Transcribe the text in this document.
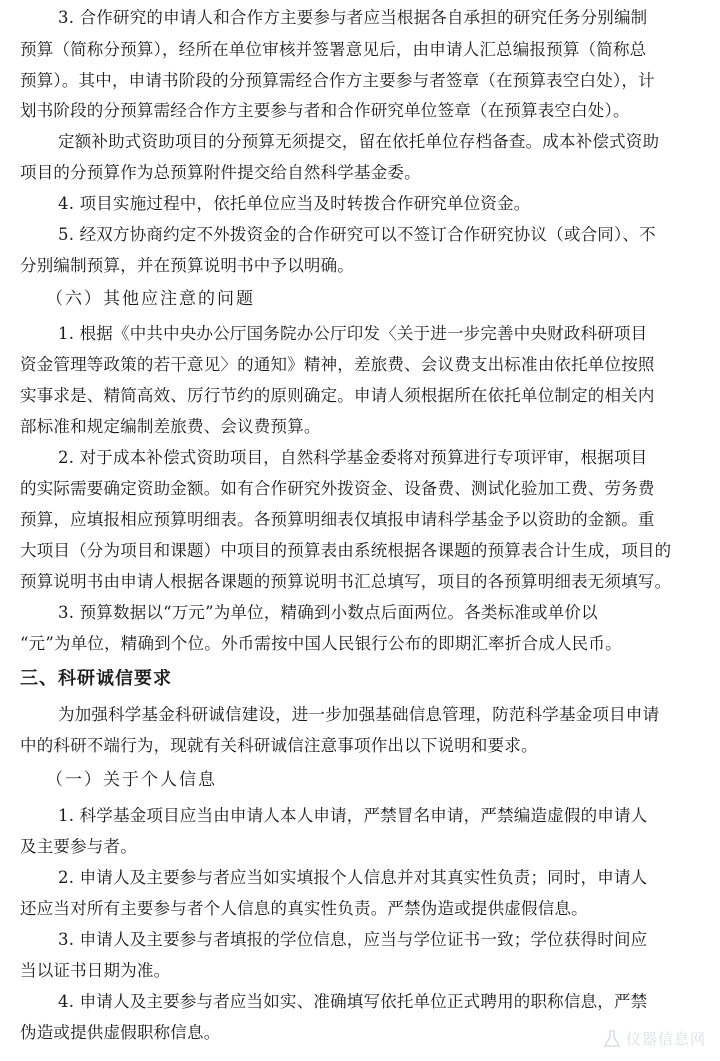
3. 合作研究的申请人和合作方主要参与者应当根据各自承担的研究任务分别编制
预算（简称分预算），经所在单位审核并签署意见后，由申请人汇总编报预算（简称总
预算）。其中，申请书阶段的分预算需经合作方主要参与者签章（在预算表空白处），计
划书阶段的分预算需经合作方主要参与者和合作研究单位签章（在预算表空白处）。
定额补助式资助项目的分预算无须提交，留在依托单位存档备查。成本补偿式资助
项目的分预算作为总预算附件提交给自然科学基金委。
4. 项目实施过程中，依托单位应当及时转拨合作研究单位资金。
5. 经双方协商约定不外拨资金的合作研究可以不签订合作研究协议（或合同）、不
分别编制预算，并在预算说明书中予以明确。
（六）其他应注意的问题
1. 根据《中共中央办公厅国务院办公厅印发〈关于进一步完善中央财政科研项目
资金管理等政策的若干意见〉的通知》精神，差旅费、会议费支出标准由依托单位按照
实事求是、精简高效、厉行节约的原则确定。申请人须根据所在依托单位制定的相关内
部标准和规定编制差旅费、会议费预算。
2. 对于成本补偿式资助项目，自然科学基金委将对预算进行专项评审，根据项目
的实际需要确定资助金额。如有合作研究外拨资金、设备费、测试化验加工费、劳务费
预算，应填报相应预算明细表。各预算明细表仅填报申请科学基金予以资助的金额。重
大项目（分为项目和课题）中项目的预算表由系统根据各课题的预算表合计生成，项目的
预算说明书由申请人根据各课题的预算说明书汇总填写，项目的各预算明细表无须填写。
3. 预算数据以“万元”为单位，精确到小数点后面两位。各类标准或单价以
“元”为单位，精确到个位。外币需按中国人民银行公布的即期汇率折合成人民币。
三、科研诚信要求
为加强科学基金科研诚信建设，进一步加强基础信息管理，防范科学基金项目申请
中的科研不端行为，现就有关科研诚信注意事项作出以下说明和要求。
（一）关于个人信息
1. 科学基金项目应当由申请人本人申请，严禁冒名申请，严禁编造虚假的申请人
及主要参与者。
2. 申请人及主要参与者应当如实填报个人信息并对其真实性负责；同时，申请人
还应当对所有主要参与者个人信息的真实性负责。严禁伪造或提供虚假信息。
3. 申请人及主要参与者填报的学位信息，应当与学位证书一致；学位获得时间应
当以证书日期为准。
4. 申请人及主要参与者应当如实、准确填写依托单位正式聘用的职称信息，严禁
伪造或提供虚假职称信息。	仪器信息网
